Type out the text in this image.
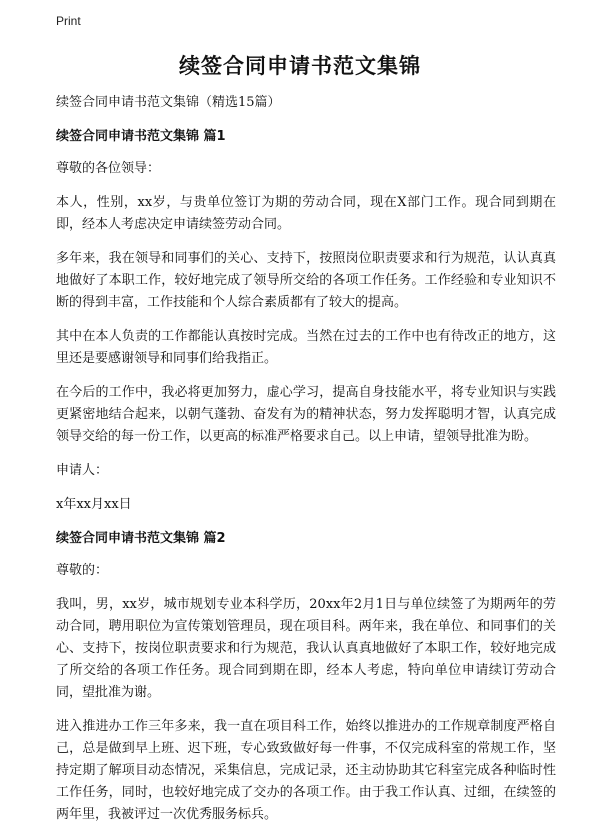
Print
续签合同申请书范文集锦

续签合同申请书范文集锦（精选15篇）

续签合同申请书范文集锦 篇1

尊敬的各位领导：

本人，性别，xx岁，与贵单位签订为期的劳动合同，现在X部门工作。现合同到期在即，经本人考虑决定申请续签劳动合同。

多年来，我在领导和同事们的关心、支持下，按照岗位职责要求和行为规范，认认真真地做好了本职工作，较好地完成了领导所交给的各项工作任务。工作经验和专业知识不断的得到丰富，工作技能和个人综合素质都有了较大的提高。

其中在本人负责的工作都能认真按时完成。当然在过去的工作中也有待改正的地方，这里还是要感谢领导和同事们给我指正。

在今后的工作中，我必将更加努力，虚心学习，提高自身技能水平，将专业知识与实践更紧密地结合起来，以朝气蓬勃、奋发有为的精神状态，努力发挥聪明才智，认真完成领导交给的每一份工作，以更高的标准严格要求自己。以上申请，望领导批准为盼。

申请人：

x年xx月xx日

续签合同申请书范文集锦 篇2

尊敬的：

我叫，男，xx岁，城市规划专业本科学历，20xx年2月1日与单位续签了为期两年的劳动合同，聘用职位为宣传策划管理员，现在项目科。两年来，我在单位、和同事们的关心、支持下，按岗位职责要求和行为规范，我认认真真地做好了本职工作，较好地完成了所交给的各项工作任务。现合同到期在即，经本人考虑，特向单位申请续订劳动合同，望批准为谢。

进入推进办工作三年多来，我一直在项目科工作，始终以推进办的工作规章制度严格自己，总是做到早上班、迟下班，专心致致做好每一件事，不仅完成科室的常规工作，坚持定期了解项目动态情况，采集信息，完成记录，还主动协助其它科室完成各种临时性工作任务，同时，也较好地完成了交办的各项工作。由于我工作认真、过细，在续签的两年里，我被评过一次优秀服务标兵。
